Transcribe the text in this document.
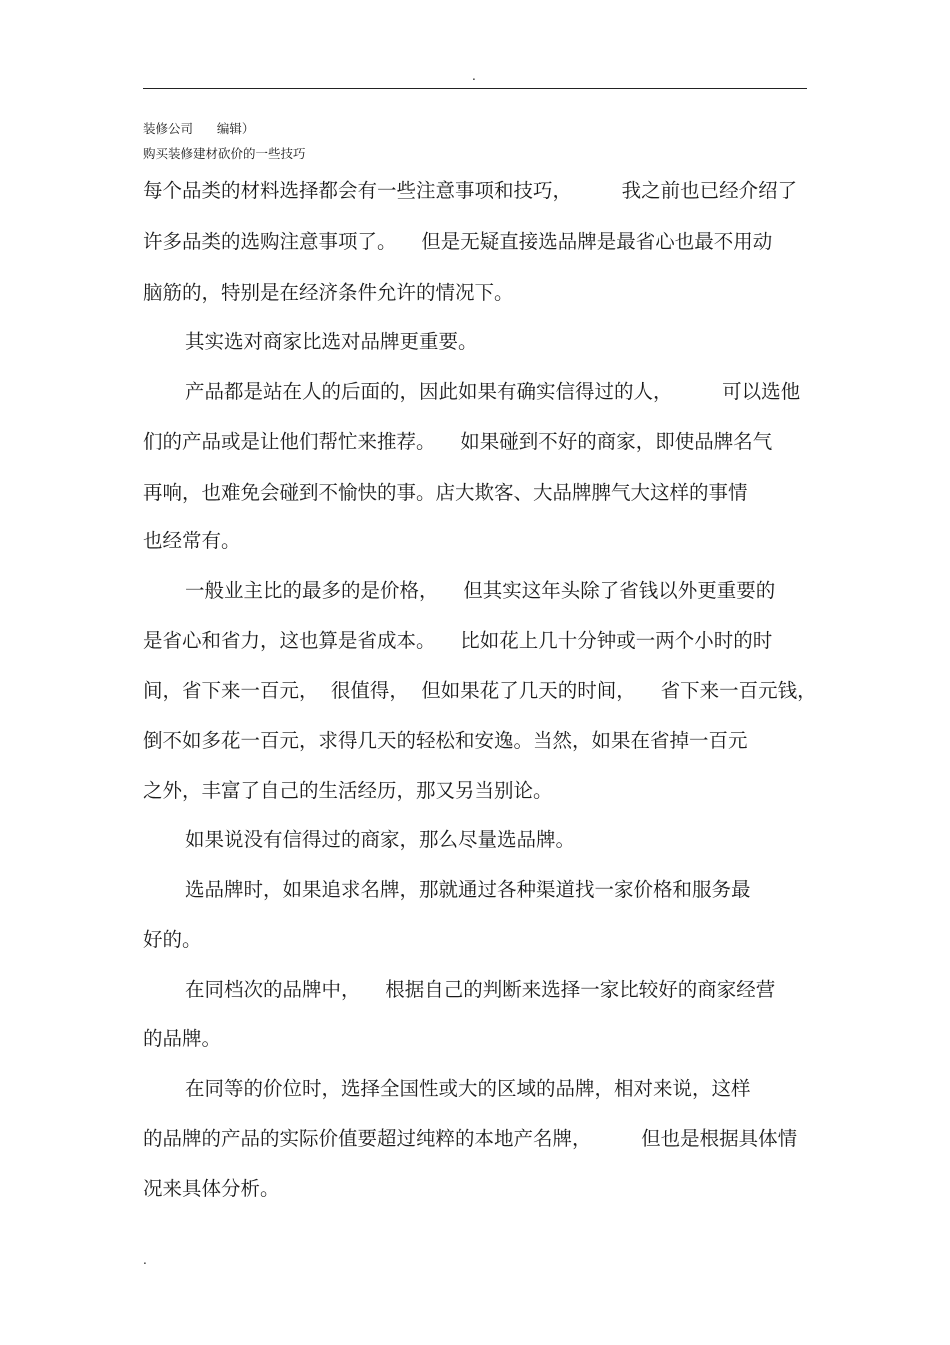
.
装修公司      编辑）
购买装修建材砍价的一些技巧
每个品类的材料选择都会有一些注意事项和技巧，        我之前也已经介绍了
许多品类的选购注意事项了。    但是无疑直接选品牌是最省心也最不用动
脑筋的，特别是在经济条件允许的情况下。
其实选对商家比选对品牌更重要。
产品都是站在人的后面的，因此如果有确实信得过的人，        可以选他
们的产品或是让他们帮忙来推荐。    如果碰到不好的商家，即使品牌名气
再响，也难免会碰到不愉快的事。店大欺客、大品牌脾气大这样的事情
也经常有。
一般业主比的最多的是价格，    但其实这年头除了省钱以外更重要的
是省心和省力，这也算是省成本。    比如花上几十分钟或一两个小时的时
间，省下来一百元，  很值得，  但如果花了几天的时间，    省下来一百元钱，
倒不如多花一百元，求得几天的轻松和安逸。当然，如果在省掉一百元
之外，丰富了自己的生活经历，那又另当别论。
如果说没有信得过的商家，那么尽量选品牌。
选品牌时，如果追求名牌，那就通过各种渠道找一家价格和服务最
好的。
在同档次的品牌中，    根据自己的判断来选择一家比较好的商家经营
的品牌。
在同等的价位时，选择全国性或大的区域的品牌，相对来说，这样
的品牌的产品的实际价值要超过纯粹的本地产名牌，        但也是根据具体情
况来具体分析。
.
